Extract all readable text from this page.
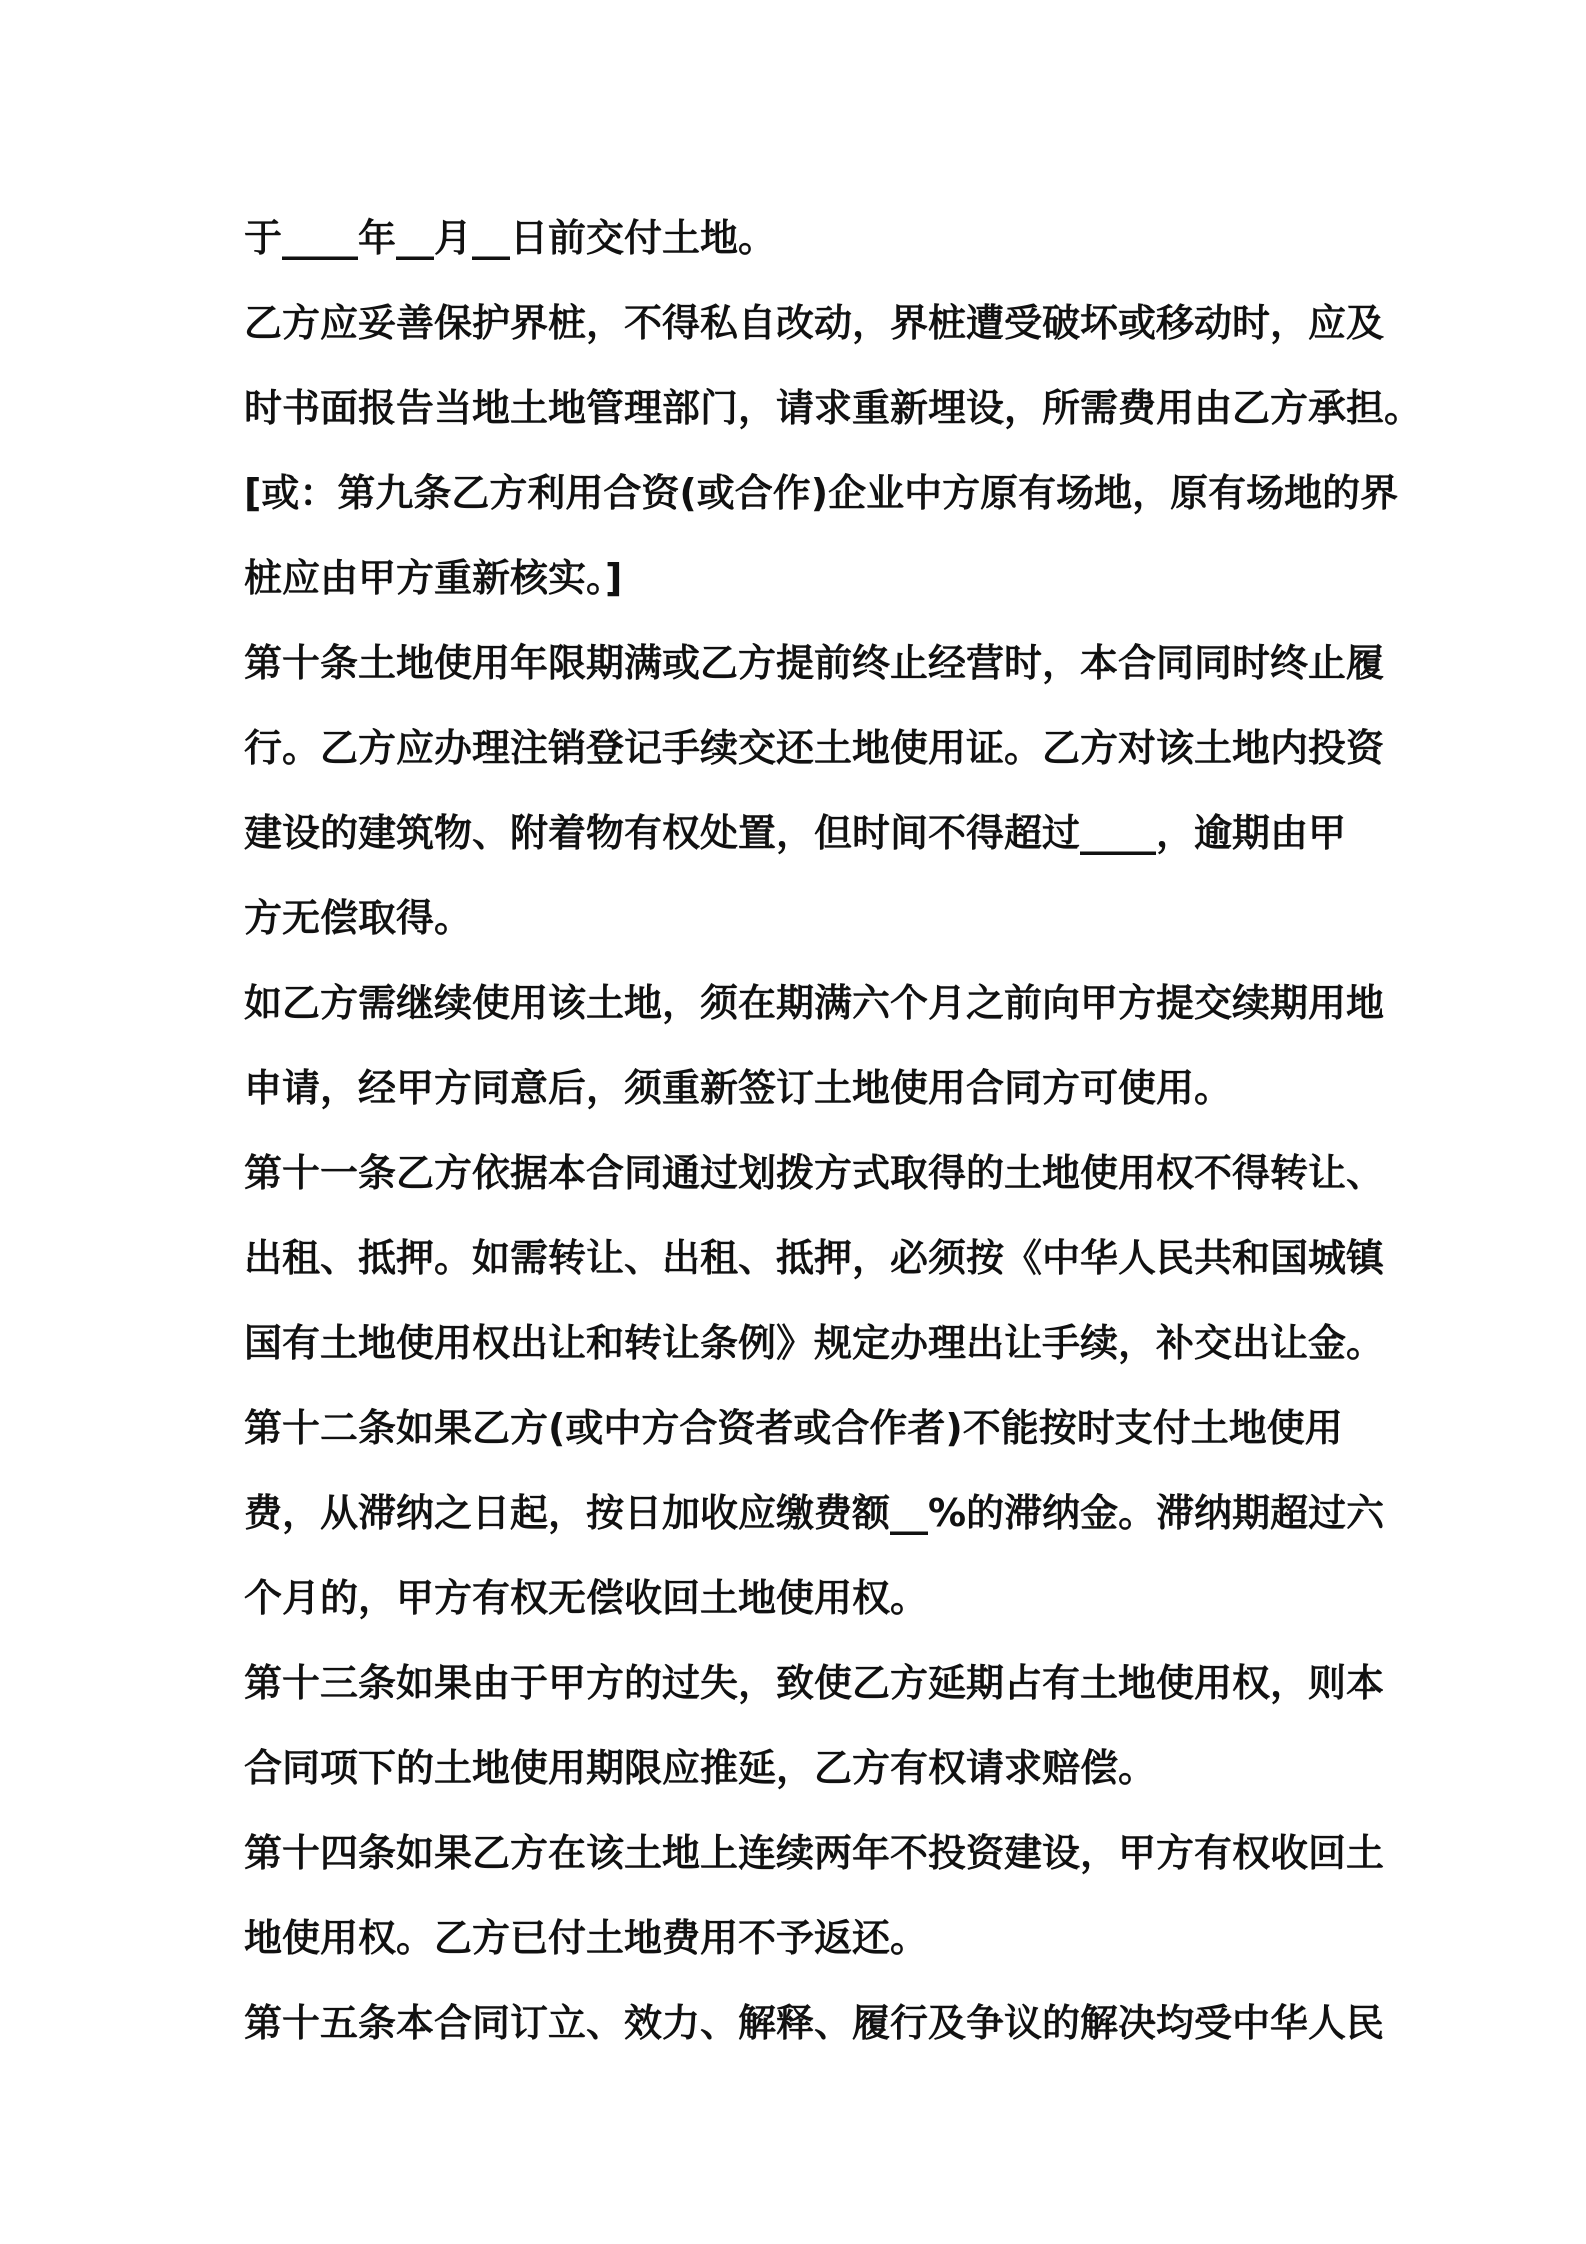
于____年__月__日前交付土地。
乙方应妥善保护界桩，不得私自改动，界桩遭受破坏或移动时，应及
时书面报告当地土地管理部门，请求重新埋设，所需费用由乙方承担。
[或：第九条乙方利用合资(或合作)企业中方原有场地，原有场地的界
桩应由甲方重新核实。]
第十条土地使用年限期满或乙方提前终止经营时，本合同同时终止履
行。乙方应办理注销登记手续交还土地使用证。乙方对该土地内投资
建设的建筑物、附着物有权处置，但时间不得超过____，逾期由甲
方无偿取得。
如乙方需继续使用该土地，须在期满六个月之前向甲方提交续期用地
申请，经甲方同意后，须重新签订土地使用合同方可使用。
第十一条乙方依据本合同通过划拨方式取得的土地使用权不得转让、
出租、抵押。如需转让、出租、抵押，必须按《中华人民共和国城镇
国有土地使用权出让和转让条例》规定办理出让手续，补交出让金。
第十二条如果乙方(或中方合资者或合作者)不能按时支付土地使用
费，从滞纳之日起，按日加收应缴费额__%的滞纳金。滞纳期超过六
个月的，甲方有权无偿收回土地使用权。
第十三条如果由于甲方的过失，致使乙方延期占有土地使用权，则本
合同项下的土地使用期限应推延，乙方有权请求赔偿。
第十四条如果乙方在该土地上连续两年不投资建设，甲方有权收回土
地使用权。乙方已付土地费用不予返还。
第十五条本合同订立、效力、解释、履行及争议的解决均受中华人民
